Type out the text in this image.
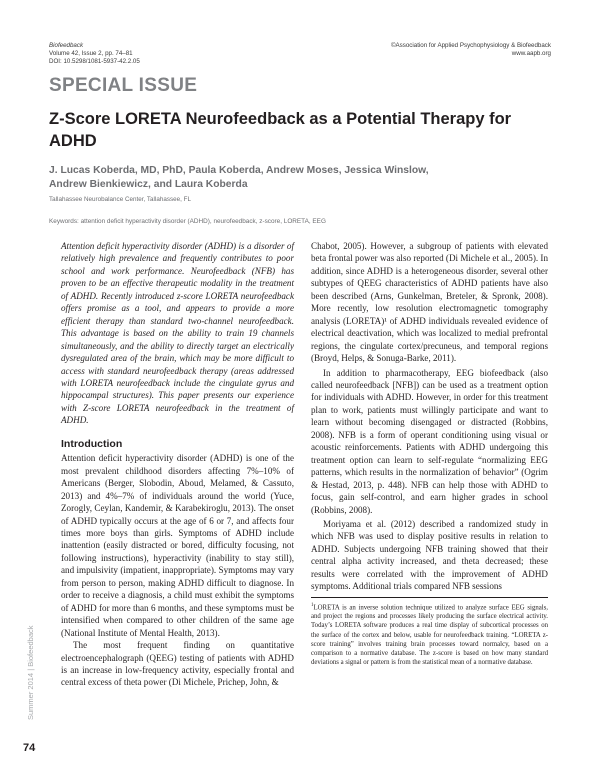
Biofeedback
Volume 42, Issue 2, pp. 74–81
DOI: 10.5298/1081-5937-42.2.05
©Association for Applied Psychophysiology & Biofeedback
www.aapb.org
SPECIAL ISSUE
Z-Score LORETA Neurofeedback as a Potential Therapy for ADHD
J. Lucas Koberda, MD, PhD, Paula Koberda, Andrew Moses, Jessica Winslow,
Andrew Bienkiewicz, and Laura Koberda
Tallahassee Neurobalance Center, Tallahassee, FL
Keywords: attention deficit hyperactivity disorder (ADHD), neurofeedback, z-score, LORETA, EEG

Attention deficit hyperactivity disorder (ADHD) is a disorder of relatively high prevalence and frequently contributes to poor school and work performance. Neurofeedback (NFB) has proven to be an effective therapeutic modality in the treatment of ADHD. Recently introduced z-score LORETA neurofeedback offers promise as a tool, and appears to provide a more efficient therapy than standard two-channel neurofeedback. This advantage is based on the ability to train 19 channels simultaneously, and the ability to directly target an electrically dysregulated area of the brain, which may be more difficult to access with standard neurofeedback therapy (areas addressed with LORETA neurofeedback include the cingulate gyrus and hippocampal structures). This paper presents our experience with Z-score LORETA neurofeedback in the treatment of ADHD.

Introduction

Attention deficit hyperactivity disorder (ADHD) is one of the most prevalent childhood disorders affecting 7%–10% of Americans (Berger, Slobodin, Aboud, Melamed, & Cassuto, 2013) and 4%–7% of individuals around the world (Yuce, Zorogly, Ceylan, Kandemir, & Karabekiroglu, 2013). The onset of ADHD typically occurs at the age of 6 or 7, and affects four times more boys than girls. Symptoms of ADHD include inattention (easily distracted or bored, difficulty focusing, not following instructions), hyperactivity (inability to stay still), and impulsivity (impatient, inappropriate). Symptoms may vary from person to person, making ADHD difficult to diagnose. In order to receive a diagnosis, a child must exhibit the symptoms of ADHD for more than 6 months, and these symptoms must be intensified when compared to other children of the same age (National Institute of Mental Health, 2013).

The most frequent finding on quantitative electroencephalograph (QEEG) testing of patients with ADHD is an increase in low-frequency activity, especially frontal and central excess of theta power (Di Michele, Prichep, John, &

Chabot, 2005). However, a subgroup of patients with elevated beta frontal power was also reported (Di Michele et al., 2005). In addition, since ADHD is a heterogeneous disorder, several other subtypes of QEEG characteristics of ADHD patients have also been described (Arns, Gunkelman, Breteler, & Spronk, 2008). More recently, low resolution electromagnetic tomography analysis (LORETA)¹ of ADHD individuals revealed evidence of electrical deactivation, which was localized to medial prefrontal regions, the cingulate cortex/precuneus, and temporal regions (Broyd, Helps, & Sonuga-Barke, 2011).

In addition to pharmacotherapy, EEG biofeedback (also called neurofeedback [NFB]) can be used as a treatment option for individuals with ADHD. However, in order for this treatment plan to work, patients must willingly participate and want to learn without becoming disengaged or distracted (Robbins, 2008). NFB is a form of operant conditioning using visual or acoustic reinforcements. Patients with ADHD undergoing this treatment option can learn to self-regulate “normalizing EEG patterns, which results in the normalization of behavior” (Ogrim & Hestad, 2013, p. 448). NFB can help those with ADHD to focus, gain self-control, and earn higher grades in school (Robbins, 2008).

Moriyama et al. (2012) described a randomized study in which NFB was used to display positive results in relation to ADHD. Subjects undergoing NFB training showed that their central alpha activity increased, and theta decreased; these results were correlated with the improvement of ADHD symptoms. Additional trials compared NFB sessions

$^1$LORETA is an inverse solution technique utilized to analyze surface EEG signals, and project the regions and processes likely producing the surface electrical activity. Today’s LORETA software produces a real time display of subcortical processes on the surface of the cortex and below, usable for neurofeedback training. “LORETA z-score training” involves training brain processes toward normalcy, based on a comparison to a normative database. The z-score is based on how many standard deviations a signal or pattern is from the statistical mean of a normative database.
Summer 2014 | Biofeedback
74
